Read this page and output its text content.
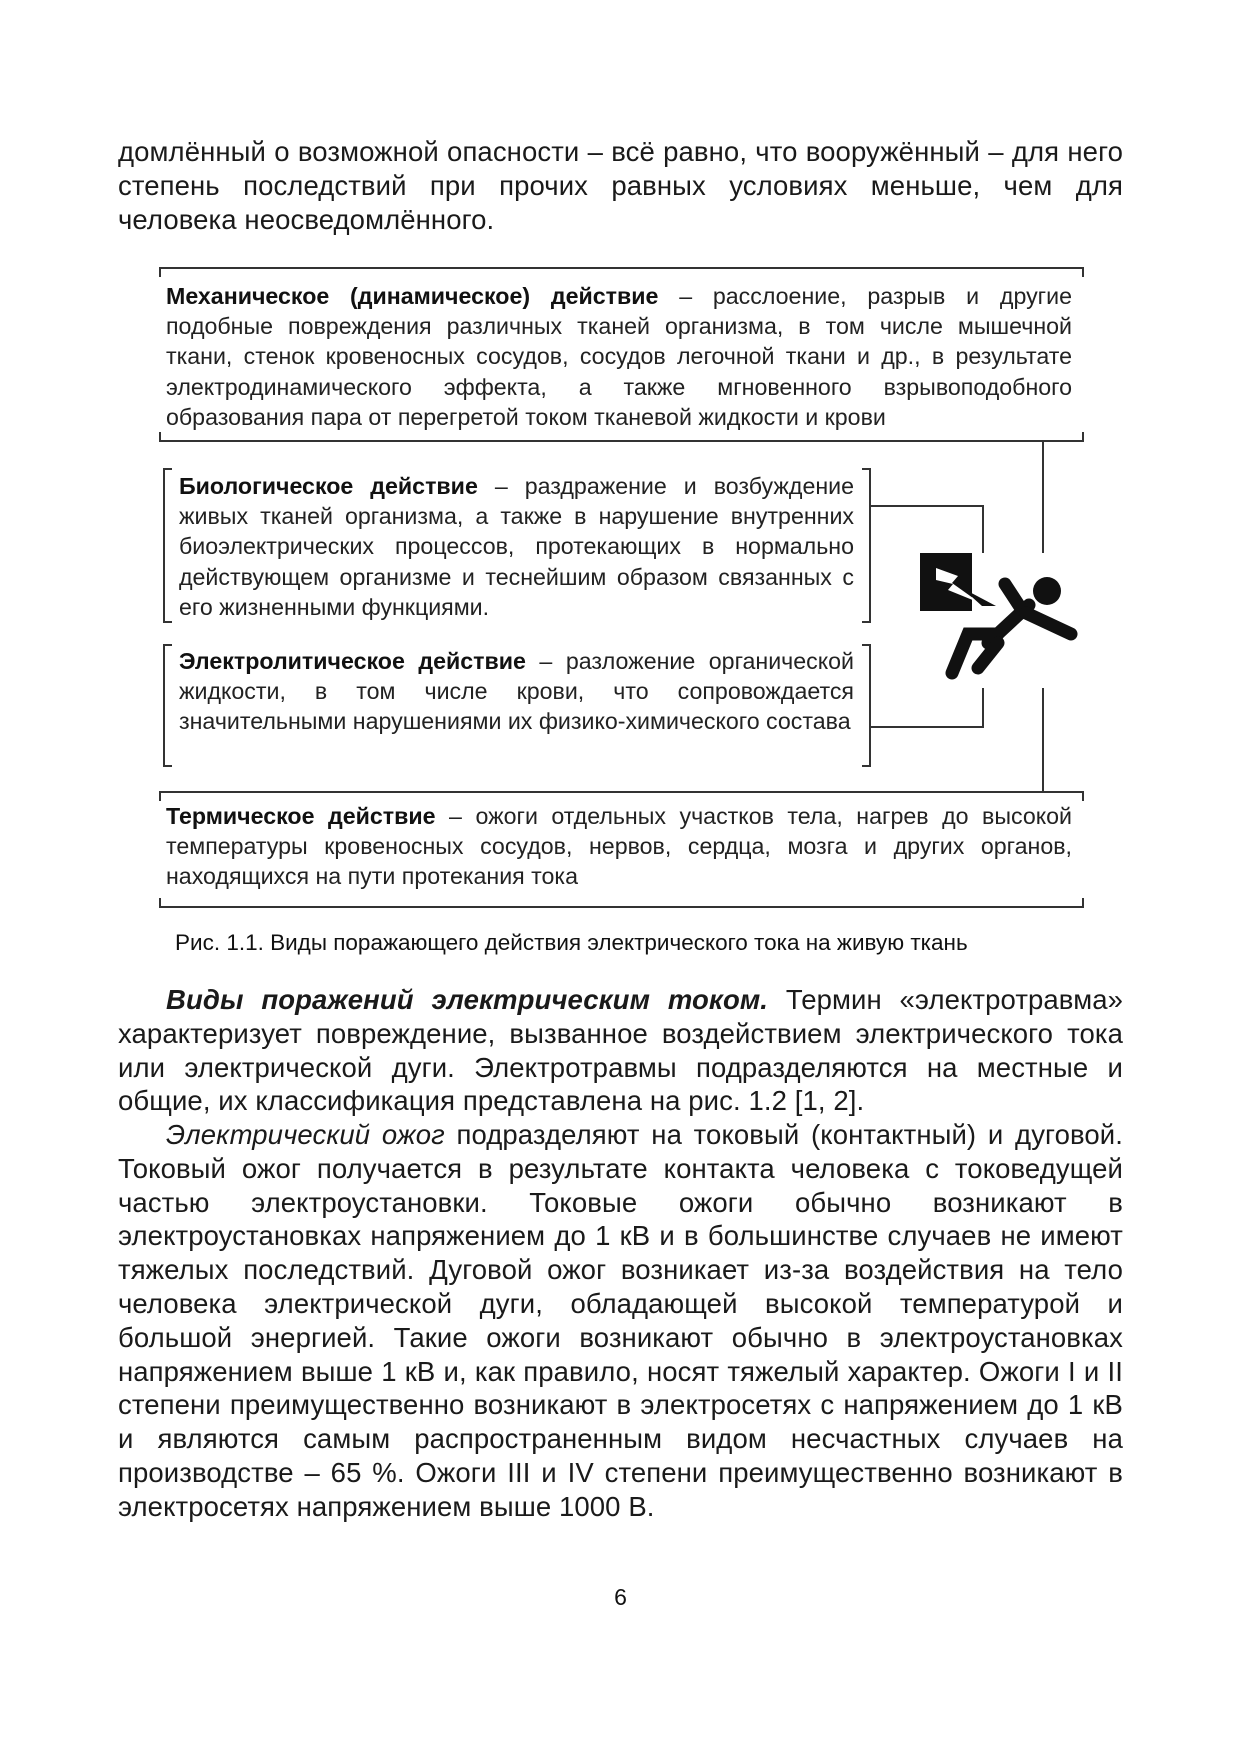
домлённый о возможной опасности – всё равно, что вооружённый – для него степень последствий при прочих равных условиях меньше, чем для человека неосведомлённого.

Механическое (динамическое) действие – расслоение, разрыв и другие подобные повреждения различных тканей организма, в том числе мышечной ткани, стенок кровеносных сосудов, сосудов легочной ткани и др., в результате электродинамического эффекта, а также мгновенного взрывоподобного образования пара от перегретой током тканевой жидкости и крови

Биологическое действие – раздражение и возбуждение живых тканей организма, а также в нарушение внутренних биоэлектрических процессов, протекающих в нормально действующем организме и теснейшим образом связанных с его жизненными функциями.

Электролитическое действие – разложение органической жидкости, в том числе крови, что сопровождается значительными нарушениями их физико-химического состава

Термическое действие – ожоги отдельных участков тела, нагрев до высокой температуры кровеносных сосудов, нервов, сердца, мозга и других органов, находящихся на пути протекания тока

Рис. 1.1. Виды поражающего действия электрического тока на живую ткань

Виды поражений электрическим током. Термин «электротравма» характеризует повреждение, вызванное воздействием электрического тока или электрической дуги. Электротравмы подразделяются на местные и общие, их классификация представлена на рис. 1.2 [1, 2].

Электрический ожог подразделяют на токовый (контактный) и дуговой. Токовый ожог получается в результате контакта человека с токоведущей частью электроустановки. Токовые ожоги обычно возникают в электроустановках напряжением до 1 кВ и в большинстве случаев не имеют тяжелых последствий. Дуговой ожог возникает из-за воздействия на тело человека электрической дуги, обладающей высокой температурой и большой энергией. Такие ожоги возникают обычно в электроустановках напряжением выше 1 кВ и, как правило, носят тяжелый характер. Ожоги I и II степени преимущественно возникают в электросетях с напряжением до 1 кВ и являются самым распространенным видом несчастных случаев на производстве – 65 %. Ожоги III и IV степени преимущественно возникают в электросетях напряжением выше 1000 В.

6
